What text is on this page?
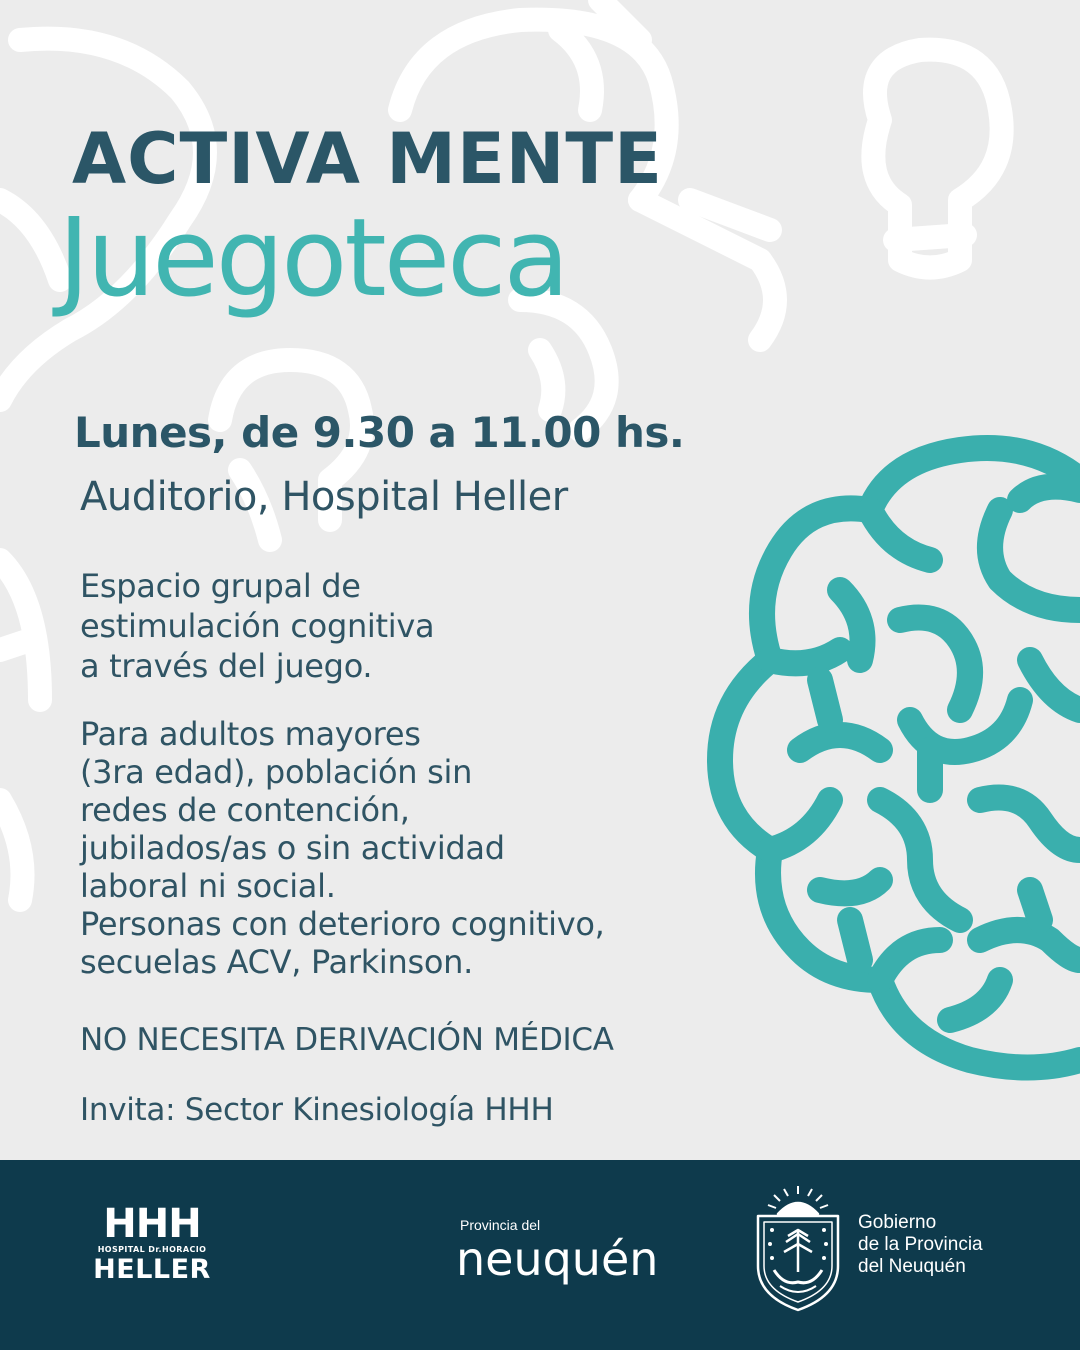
ACTIVA MENTE
Juegoteca
Lunes, de 9.30 a 11.00 hs.
Auditorio, Hospital Heller
Espacio grupal de
estimulación cognitiva
a través del juego.
Para adultos mayores
(3ra edad), población sin
redes de contención,
jubilados/as o sin actividad
laboral ni social.
Personas con deterioro cognitivo,
secuelas ACV, Parkinson.
NO NECESITA DERIVACIÓN MÉDICA
Invita: Sector Kinesiología HHH
HHH
HOSPITAL Dr.HORACIO
HELLER
Provincia del
neuquén
Gobierno
de la Provincia
del Neuquén
